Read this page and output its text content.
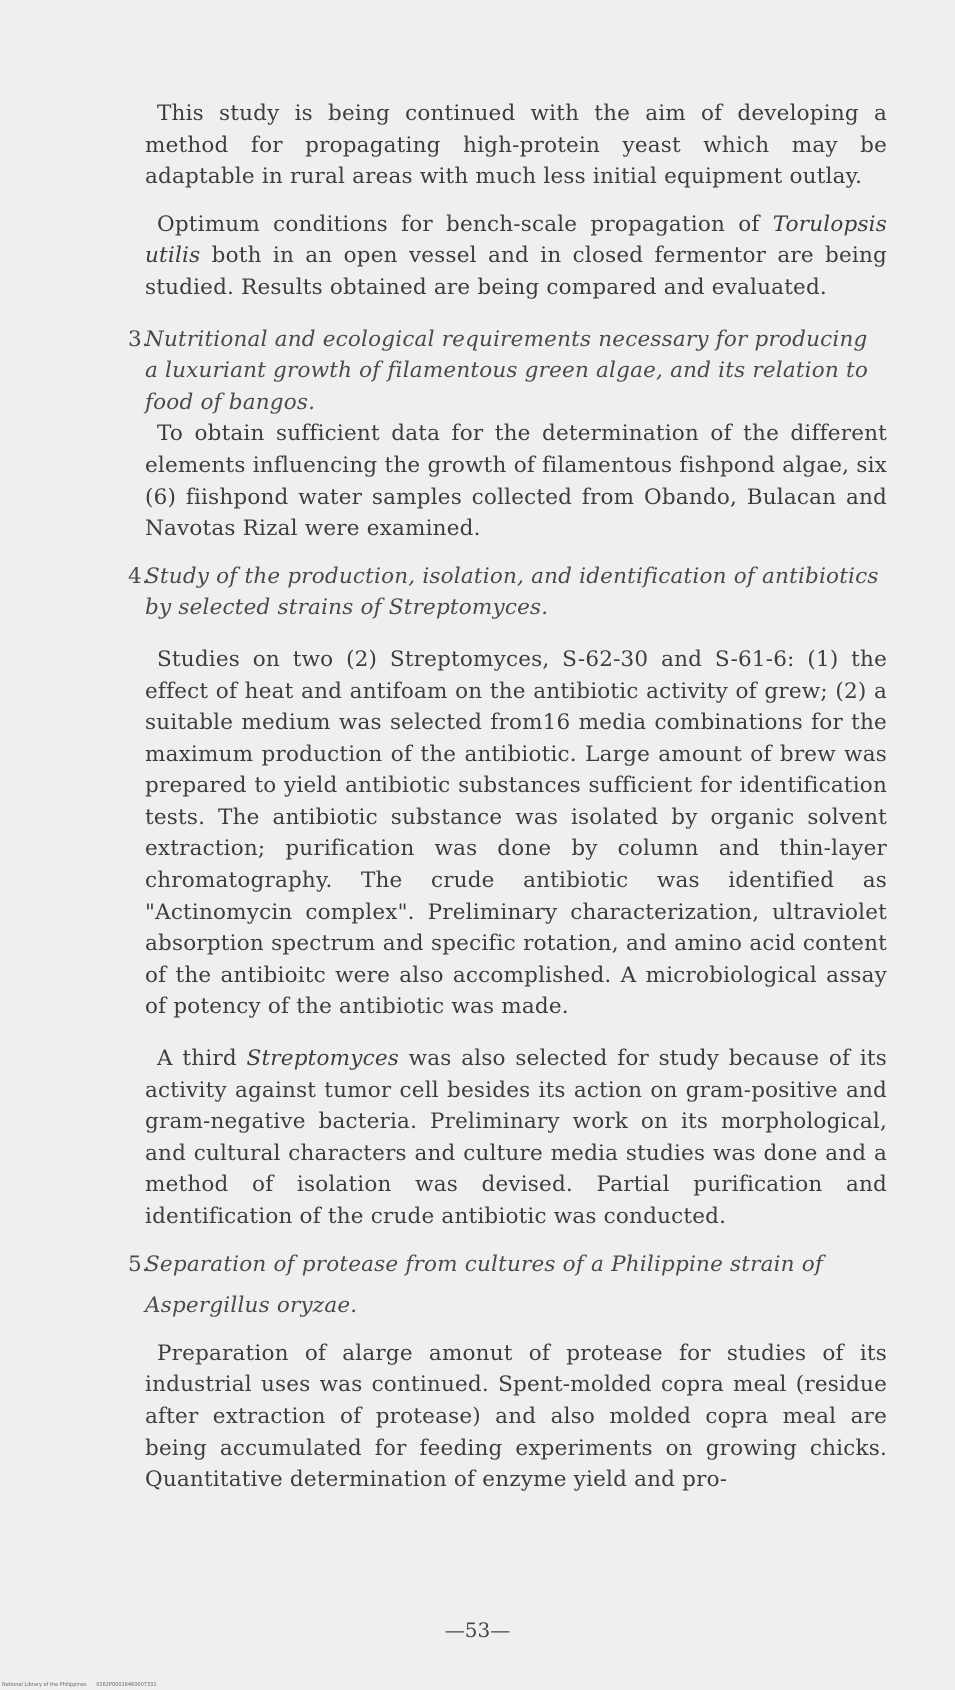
This study is being continued with the aim of developing a method for propagating high-protein yeast which may be adaptable in rural areas with much less initial equipment outlay.

Optimum conditions for bench-scale propagation of Torulopsis utilis both in an open vessel and in closed fermentor are being studied. Results obtained are being compared and evaluated.

3.
Nutritional and ecological requirements necessary for producing a luxuriant growth of filamentous green algae, and its relation to food of bangos.

To obtain sufficient data for the determination of the different elements influencing the growth of filamentous fishpond algae, six (6) fiishpond water samples collected from Obando, Bulacan and Navotas Rizal were examined.

4.
Study of the production, isolation, and identification of antibiotics by selected strains of Streptomyces.

Studies on two (2) Streptomyces, S-62-30 and S-61-6: (1) the effect of heat and antifoam on the antibiotic activity of grew; (2) a suitable medium was selected from16 media combinations for the maximum production of the antibiotic. Large amount of brew was prepared to yield antibiotic substances sufficient for identification tests. The antibiotic substance was isolated by organic solvent extraction; purification was done by column and thin-layer chromatography. The crude antibiotic was identified as "Actinomycin complex". Preliminary characterization, ultraviolet absorption spectrum and specific rotation, and amino acid content of the antibioitc were also accomplished. A microbiological assay of potency of the antibiotic was made.

A third Streptomyces was also selected for study because of its activity against tumor cell besides its action on gram-positive and gram-negative bacteria. Preliminary work on its morphological, and cultural characters and culture media studies was done and a method of isolation was devised. Partial purification and identification of the crude antibiotic was conducted.

5.
Separation of protease from cultures of a Philippine strain of

Aspergillus oryzae.

Preparation of alarge amonut of protease for studies of its industrial uses was continued. Spent-molded copra meal (residue after extraction of protease) and also molded copra meal are being accumulated for feeding experiments on growing chicks. Quantitative determination of enzyme yield and pro-

—53—
National Library of the Philippines 0162P00016460007331
